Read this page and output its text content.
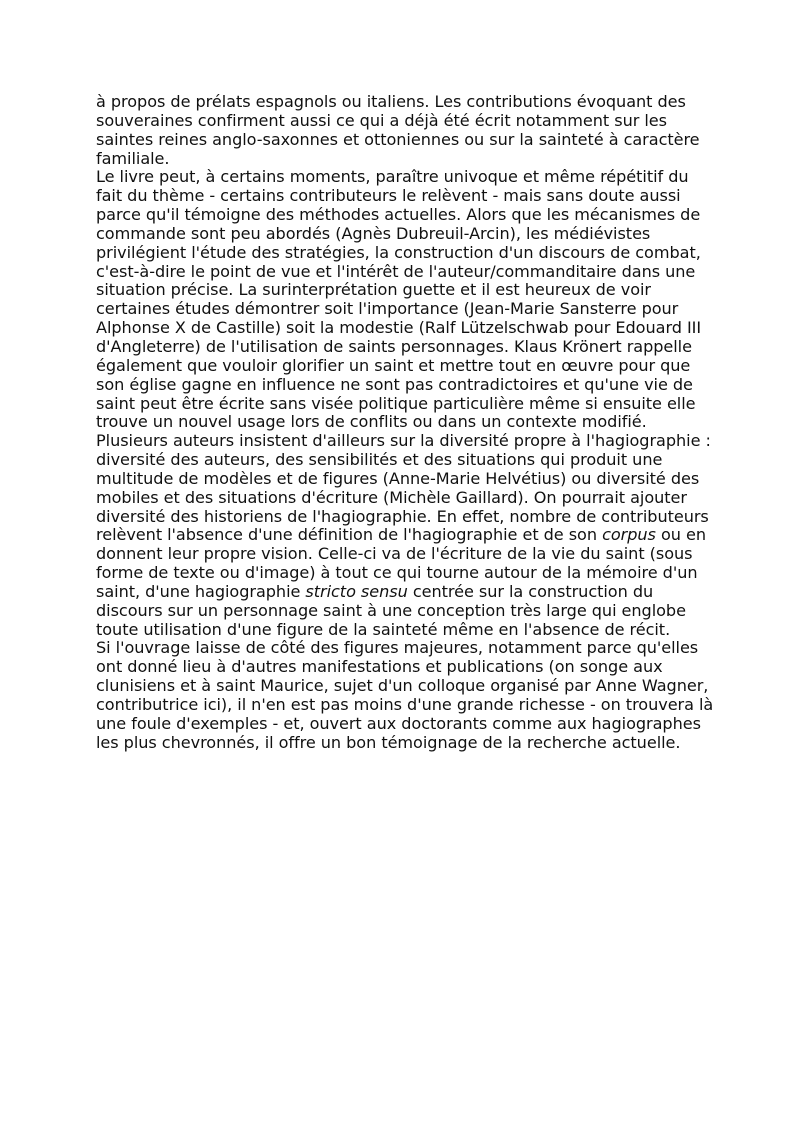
à propos de prélats espagnols ou italiens. Les contributions évoquant des souveraines confirment aussi ce qui a déjà été écrit notamment sur les saintes reines anglo-saxonnes et ottoniennes ou sur la sainteté à caractère familiale.

Le livre peut, à certains moments, paraître univoque et même répétitif du fait du thème - certains contributeurs le relèvent - mais sans doute aussi parce qu'il témoigne des méthodes actuelles. Alors que les mécanismes de commande sont peu abordés (Agnès Dubreuil-Arcin), les médiévistes privilégient l'étude des stratégies, la construction d'un discours de combat, c'est-à-dire le point de vue et l'intérêt de l'auteur/commanditaire dans une situation précise. La surinterprétation guette et il est heureux de voir certaines études démontrer soit l'importance (Jean-Marie Sansterre pour Alphonse X de Castille) soit la modestie (Ralf Lützelschwab pour Edouard III d'Angleterre) de l'utilisation de saints personnages. Klaus Krönert rappelle également que vouloir glorifier un saint et mettre tout en œuvre pour que son église gagne en influence ne sont pas contradictoires et qu'une vie de saint peut être écrite sans visée politique particulière même si ensuite elle trouve un nouvel usage lors de conflits ou dans un contexte modifié. Plusieurs auteurs insistent d'ailleurs sur la diversité propre à l'hagiographie : diversité des auteurs, des sensibilités et des situations qui produit une multitude de modèles et de figures (Anne-Marie Helvétius) ou diversité des mobiles et des situations d'écriture (Michèle Gaillard). On pourrait ajouter diversité des historiens de l'hagiographie. En effet, nombre de contributeurs relèvent l'absence d'une définition de l'hagiographie et de son corpus ou en donnent leur propre vision. Celle-ci va de l'écriture de la vie du saint (sous forme de texte ou d'image) à tout ce qui tourne autour de la mémoire d'un saint, d'une hagiographie stricto sensu centrée sur la construction du discours sur un personnage saint à une conception très large qui englobe toute utilisation d'une figure de la sainteté même en l'absence de récit.

Si l'ouvrage laisse de côté des figures majeures, notamment parce qu'elles ont donné lieu à d'autres manifestations et publications (on songe aux clunisiens et à saint Maurice, sujet d'un colloque organisé par Anne Wagner, contributrice ici), il n'en est pas moins d'une grande richesse - on trouvera là une foule d'exemples - et, ouvert aux doctorants comme aux hagiographes les plus chevronnés, il offre un bon témoignage de la recherche actuelle.
